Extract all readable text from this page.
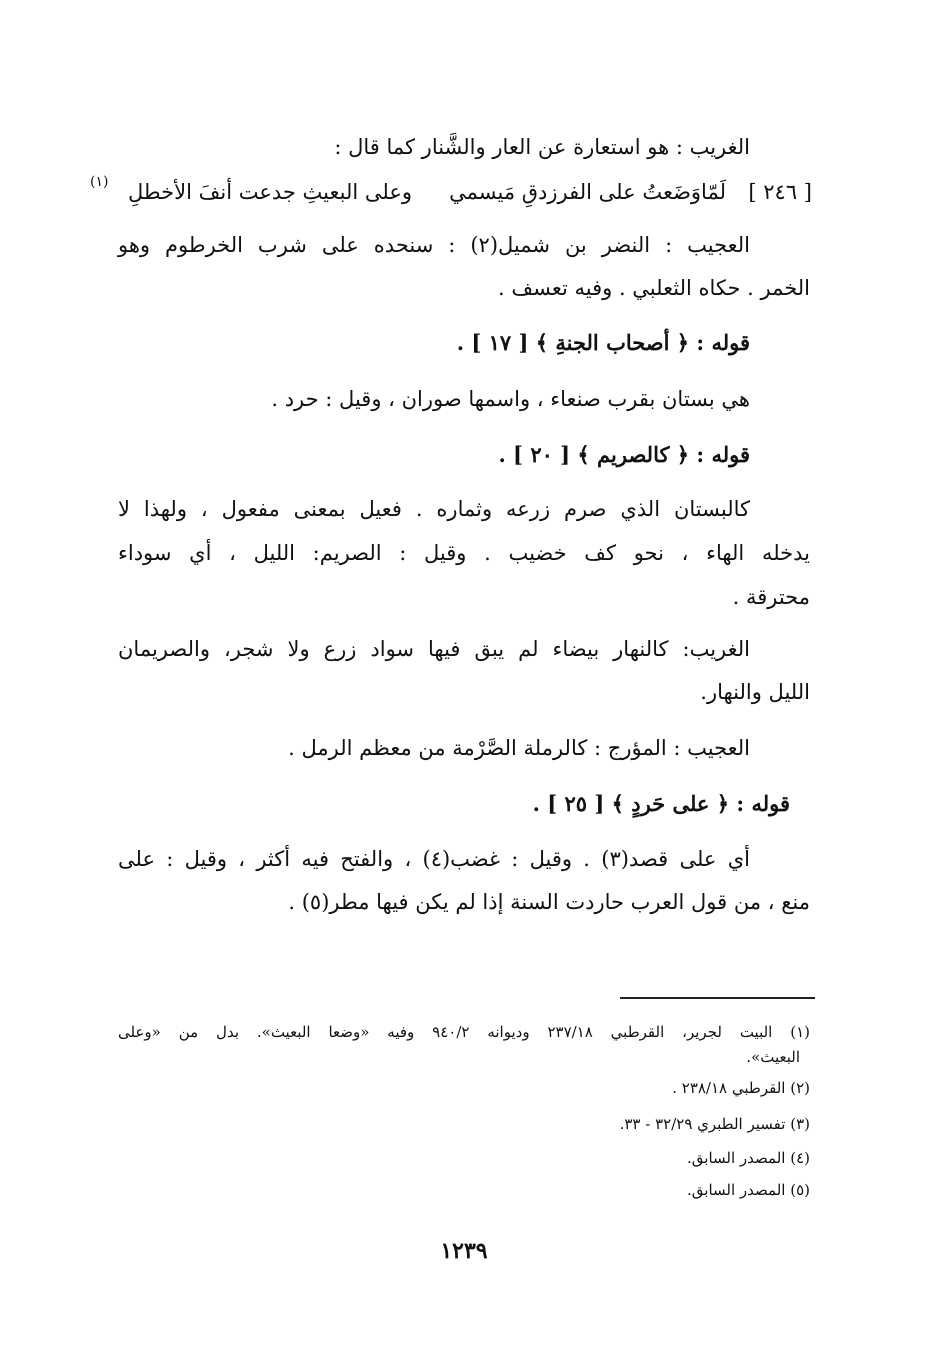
الغريب : هو استعارة عن العار والشَّنار كما قال :
[ ٢٤٦ ]
لَمّاوَضَعتُ على الفرزدقِ مَيسمي
وعلى البعيثِ جدعت أنفَ الأخطلِ
(١)
العجيب : النضر بن شميل(٢) : سنحده على شرب الخرطوم وهو
الخمر . حكاه الثعلبي . وفيه تعسف .
قوله : ﴿ أصحاب الجنةِ ﴾ [ ١٧ ] .
هي بستان بقرب صنعاء ، واسمها صوران ، وقيل : حرد .
قوله : ﴿ كالصريم ﴾ [ ٢٠ ] .
كالبستان الذي صرم زرعه وثماره . فعيل بمعنى مفعول ، ولهذا لا
يدخله الهاء ، نحو كف خضيب . وقيل : الصريم: الليل ، أي سوداء
محترقة .
الغريب: كالنهار بيضاء لم يبق فيها سواد زرع ولا شجر، والصريمان
الليل والنهار.
العجيب : المؤرج : كالرملة الصَّرْمة من معظم الرمل .
قوله : ﴿ على حَردٍ ﴾ [ ٢٥ ] .
أي على قصد(٣) . وقيل : غضب(٤) ، والفتح فيه أكثر ، وقيل : على
منع ، من قول العرب حاردت السنة إذا لم يكن فيها مطر(٥) .
(١) البيت لجرير، القرطبي ٢٣٧/١٨ وديوانه ٩٤٠/٢ وفيه «وضعا البعيث». بدل من «وعلى
البعيث».
(٢) القرطبي ٢٣٨/١٨ .
(٣) تفسير الطبري ٣٢/٢٩ - ٣٣.
(٤) المصدر السابق.
(٥) المصدر السابق.
١٢٣٩
